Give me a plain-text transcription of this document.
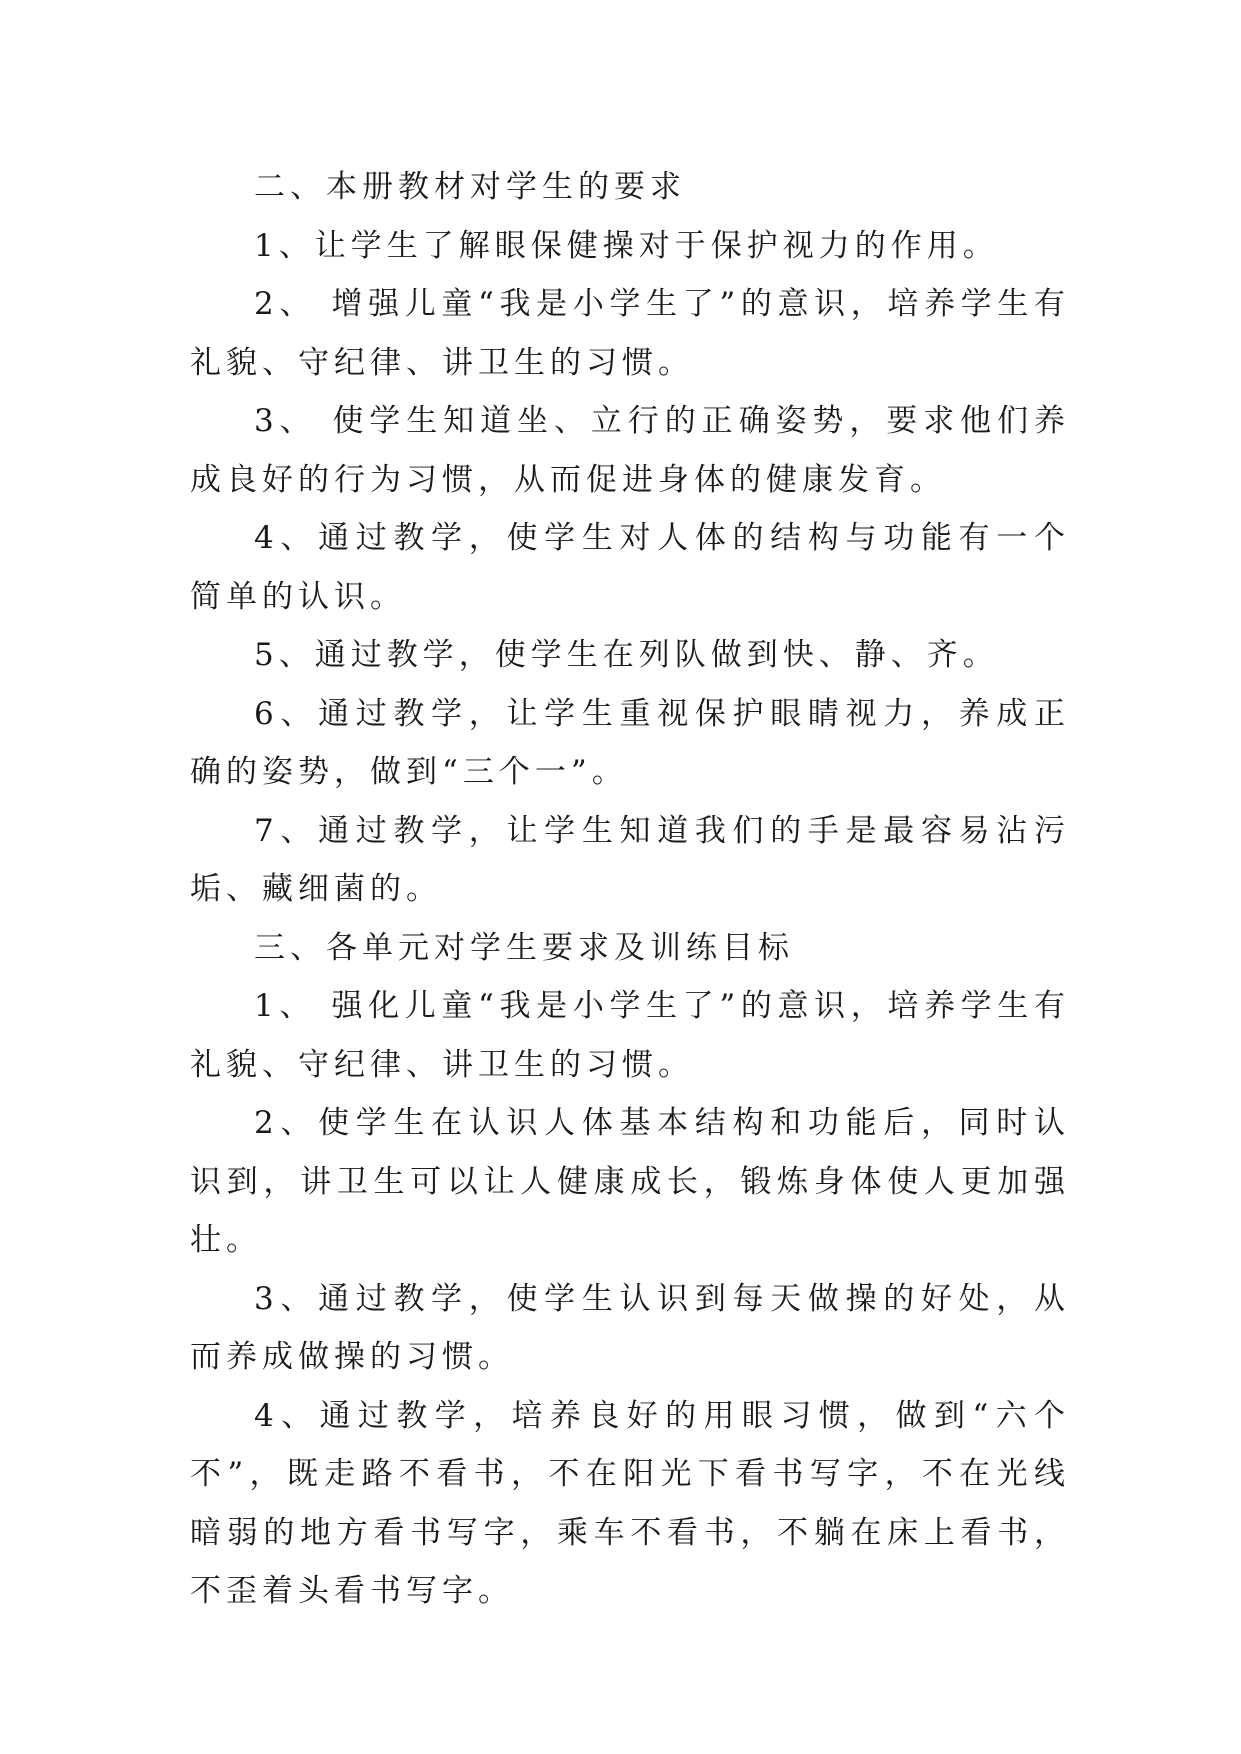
二、本册教材对学生的要求

1、让学生了解眼保健操对于保护视力的作用。

2、 增强儿童“我是小学生了”的意识，培养学生有礼貌、守纪律、讲卫生的习惯。

3、 使学生知道坐、立行的正确姿势，要求他们养成良好的行为习惯，从而促进身体的健康发育。

4、通过教学，使学生对人体的结构与功能有一个简单的认识。

5、通过教学，使学生在列队做到快、静、齐。

6、通过教学，让学生重视保护眼睛视力，养成正确的姿势，做到“三个一”。

7、通过教学，让学生知道我们的手是最容易沾污垢、藏细菌的。

三、各单元对学生要求及训练目标

1、 强化儿童“我是小学生了”的意识，培养学生有礼貌、守纪律、讲卫生的习惯。

2、使学生在认识人体基本结构和功能后，同时认识到，讲卫生可以让人健康成长，锻炼身体使人更加强壮。

3、通过教学，使学生认识到每天做操的好处，从而养成做操的习惯。

4、通过教学，培养良好的用眼习惯，做到“六个不”，既走路不看书，不在阳光下看书写字，不在光线暗弱的地方看书写字，乘车不看书，不躺在床上看书，不歪着头看书写字。
